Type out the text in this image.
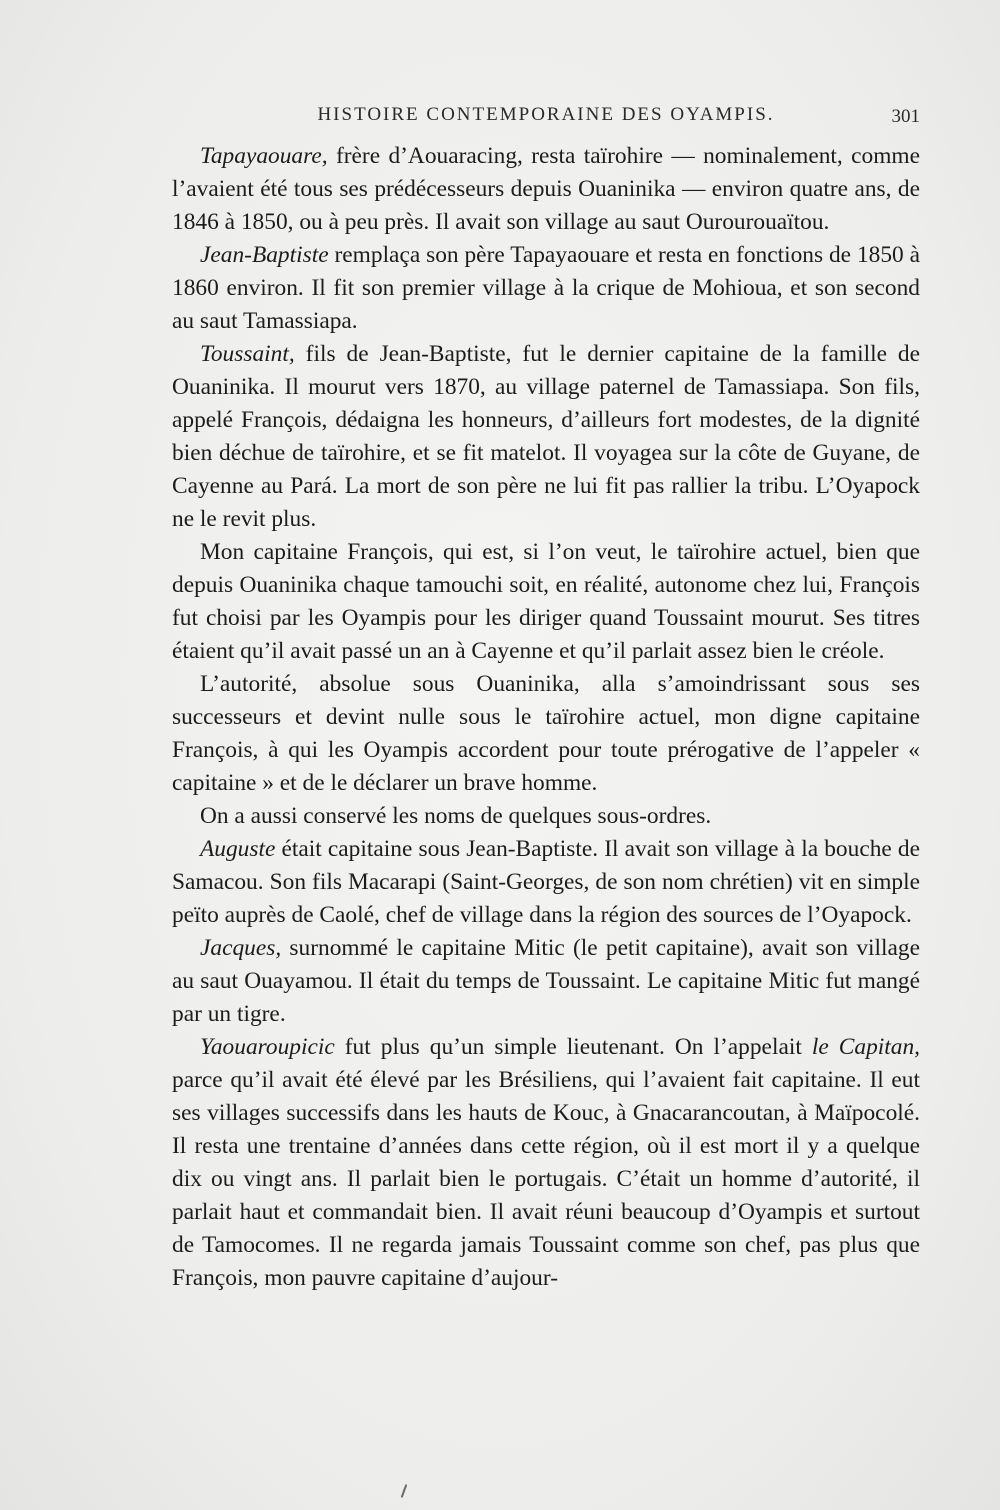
HISTOIRE CONTEMPORAINE DES OYAMPIS.	301

Tapayaouare, frère d’Aouaracing, resta taïrohire — nominalement, comme l’avaient été tous ses prédécesseurs depuis Ouaninika — environ quatre ans, de 1846 à 1850, ou à peu près. Il avait son village au saut Ourourouaïtou.

Jean-Baptiste remplaça son père Tapayaouare et resta en fonctions de 1850 à 1860 environ. Il fit son premier village à la crique de Mohioua, et son second au saut Tamassiapa.

Toussaint, fils de Jean-Baptiste, fut le dernier capitaine de la famille de Ouaninika. Il mourut vers 1870, au village paternel de Tamassiapa. Son fils, appelé François, dédaigna les honneurs, d’ailleurs fort modestes, de la dignité bien déchue de taïrohire, et se fit matelot. Il voyagea sur la côte de Guyane, de Cayenne au Pará. La mort de son père ne lui fit pas rallier la tribu. L’Oyapock ne le revit plus.

Mon capitaine François, qui est, si l’on veut, le taïrohire actuel, bien que depuis Ouaninika chaque tamouchi soit, en réalité, autonome chez lui, François fut choisi par les Oyampis pour les diriger quand Toussaint mourut. Ses titres étaient qu’il avait passé un an à Cayenne et qu’il parlait assez bien le créole.

L’autorité, absolue sous Ouaninika, alla s’amoindrissant sous ses successeurs et devint nulle sous le taïrohire actuel, mon digne capitaine François, à qui les Oyampis accordent pour toute prérogative de l’appeler « capitaine » et de le déclarer un brave homme.

On a aussi conservé les noms de quelques sous-ordres.

Auguste était capitaine sous Jean-Baptiste. Il avait son village à la bouche de Samacou. Son fils Macarapi (Saint-Georges, de son nom chrétien) vit en simple peïto auprès de Caolé, chef de village dans la région des sources de l’Oyapock.

Jacques, surnommé le capitaine Mitic (le petit capitaine), avait son village au saut Ouayamou. Il était du temps de Toussaint. Le capitaine Mitic fut mangé par un tigre.

Yaouaroupicic fut plus qu’un simple lieutenant. On l’appelait le Capitan, parce qu’il avait été élevé par les Brésiliens, qui l’avaient fait capitaine. Il eut ses villages successifs dans les hauts de Kouc, à Gnacarancoutan, à Maïpocolé. Il resta une trentaine d’années dans cette région, où il est mort il y a quelque dix ou vingt ans. Il parlait bien le portugais. C’était un homme d’autorité, il parlait haut et commandait bien. Il avait réuni beaucoup d’Oyampis et surtout de Tamocomes. Il ne regarda jamais Toussaint comme son chef, pas plus que François, mon pauvre capitaine d’aujour-
